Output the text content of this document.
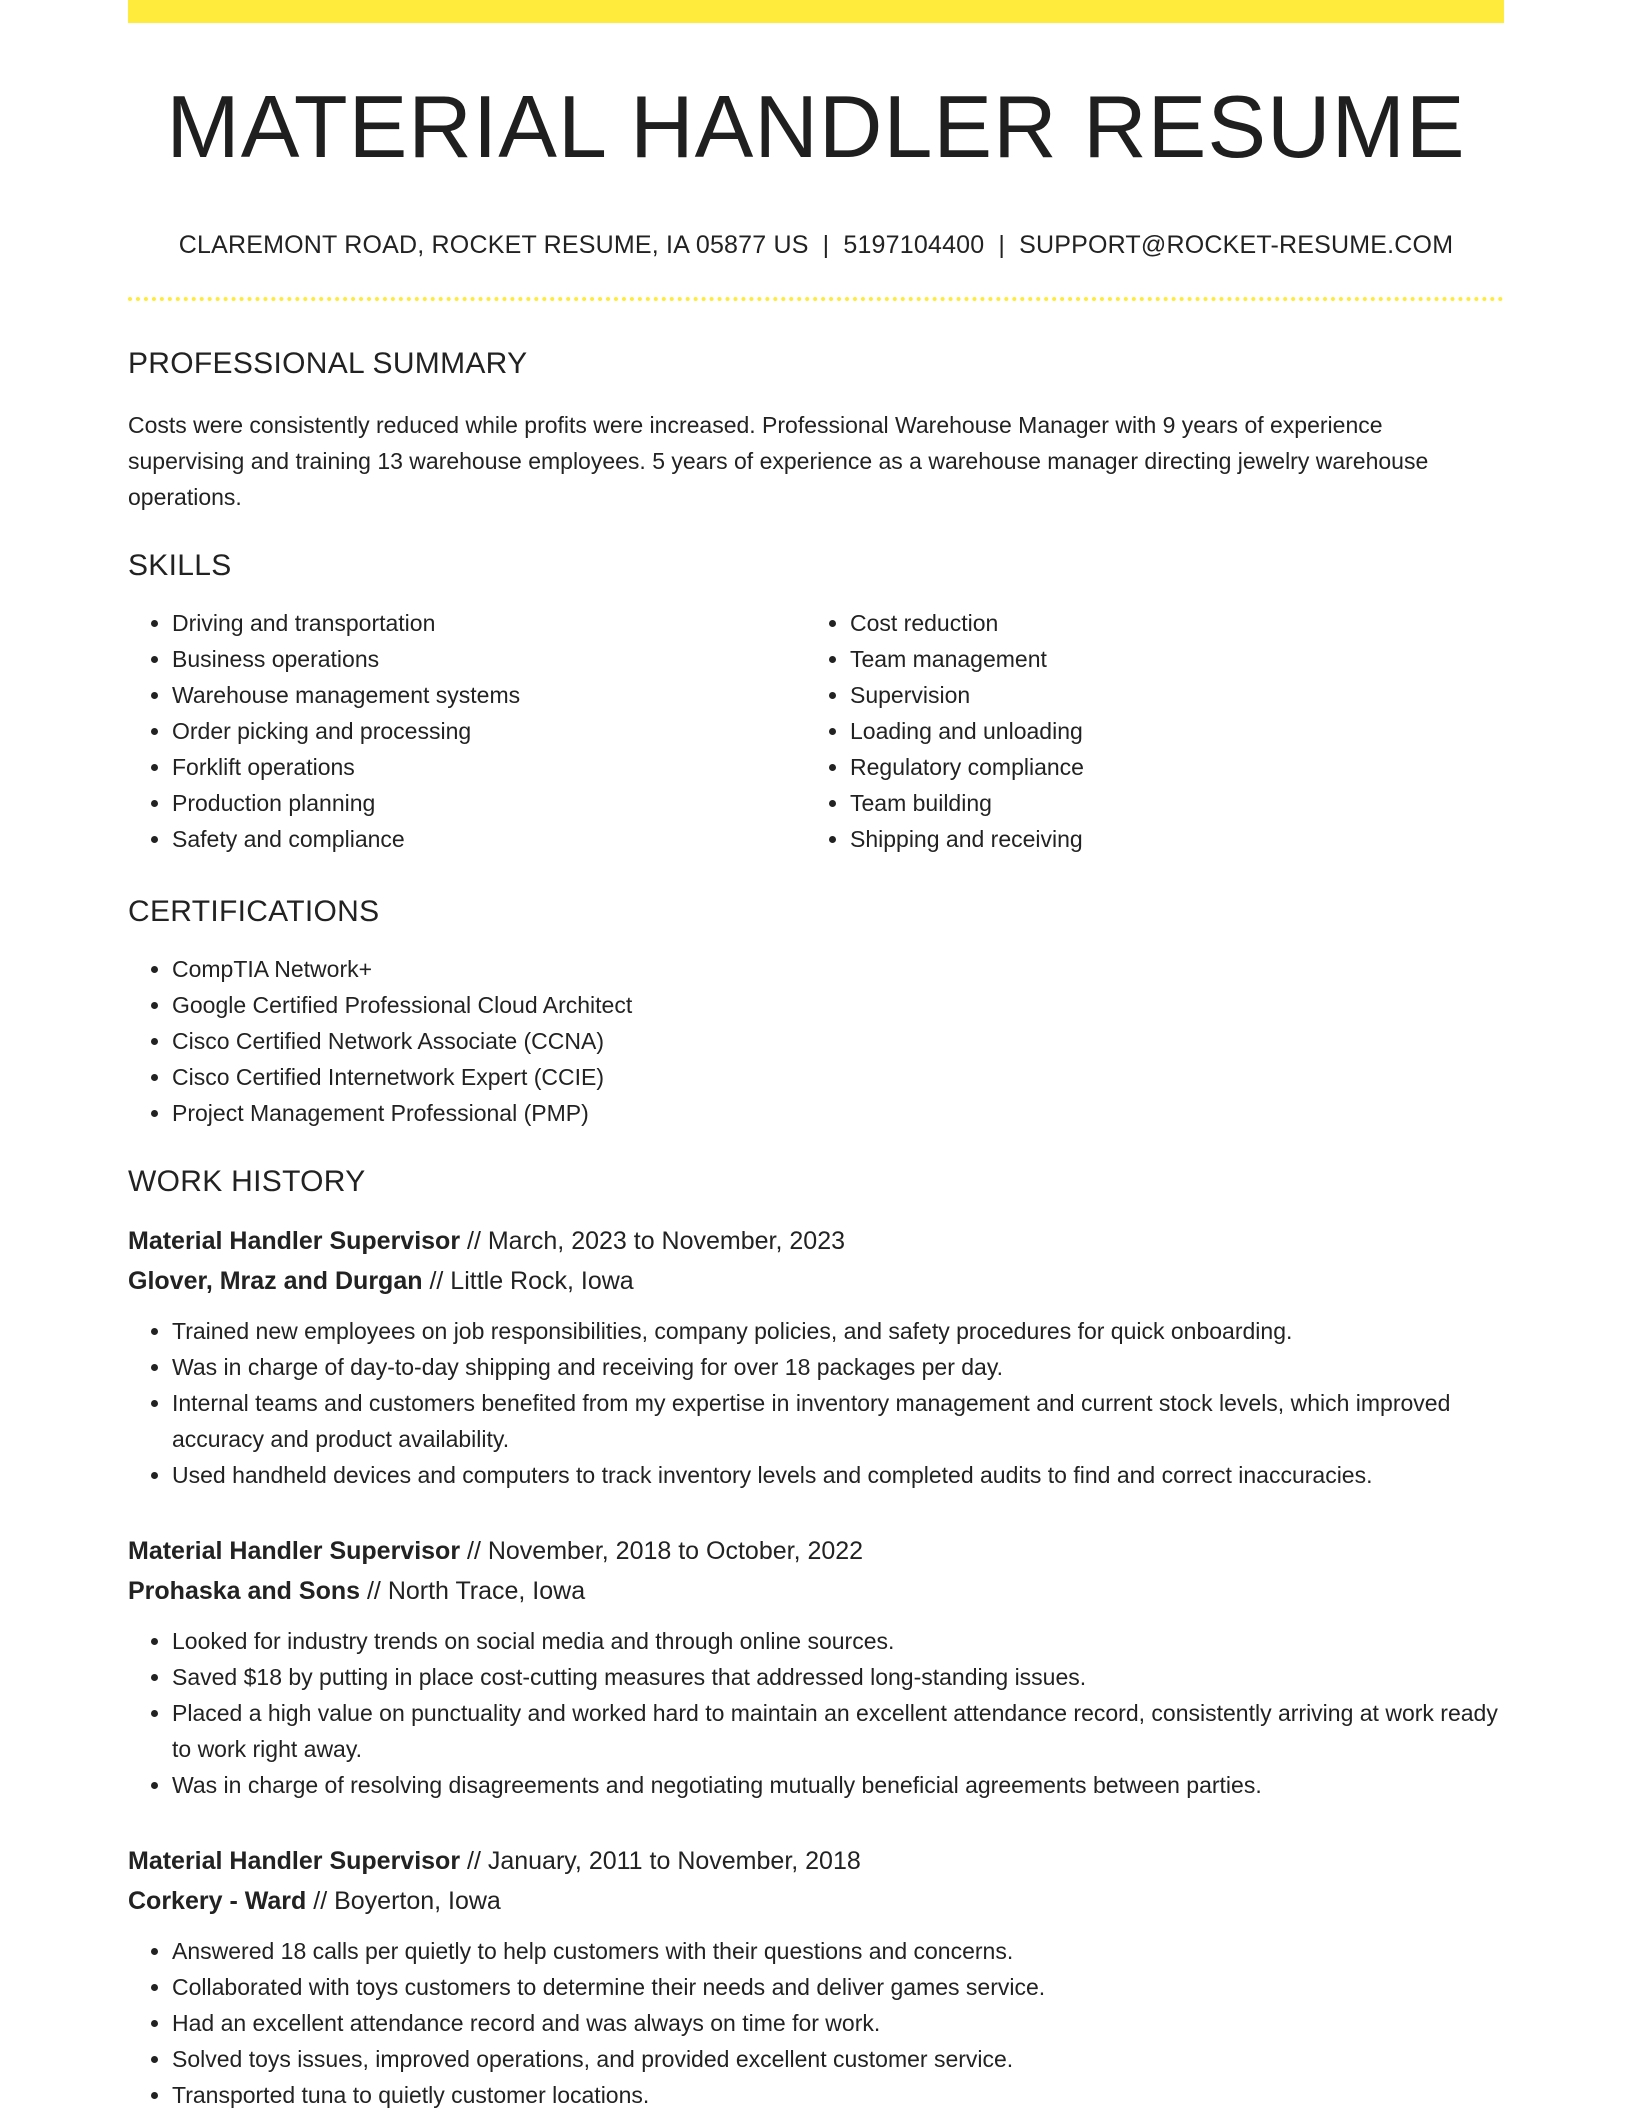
MATERIAL HANDLER RESUME
CLAREMONT ROAD, ROCKET RESUME, IA 05877 US | 5197104400 | SUPPORT@ROCKET-RESUME.COM
PROFESSIONAL SUMMARY

Costs were consistently reduced while profits were increased. Professional Warehouse Manager with 9 years of experience supervising and training 13 warehouse employees. 5 years of experience as a warehouse manager directing jewelry warehouse operations.

SKILLS
• Driving and transportation
• Business operations
• Warehouse management systems
• Order picking and processing
• Forklift operations
• Production planning
• Safety and compliance
• Cost reduction
• Team management
• Supervision
• Loading and unloading
• Regulatory compliance
• Team building
• Shipping and receiving
CERTIFICATIONS
• CompTIA Network+
• Google Certified Professional Cloud Architect
• Cisco Certified Network Associate (CCNA)
• Cisco Certified Internetwork Expert (CCIE)
• Project Management Professional (PMP)
WORK HISTORY
Material Handler Supervisor // March, 2023 to November, 2023
Glover, Mraz and Durgan // Little Rock, Iowa
• Trained new employees on job responsibilities, company policies, and safety procedures for quick onboarding.
• Was in charge of day-to-day shipping and receiving for over 18 packages per day.
• Internal teams and customers benefited from my expertise in inventory management and current stock levels, which improved accuracy and product availability.
• Used handheld devices and computers to track inventory levels and completed audits to find and correct inaccuracies.
Material Handler Supervisor // November, 2018 to October, 2022
Prohaska and Sons // North Trace, Iowa
• Looked for industry trends on social media and through online sources.
• Saved $18 by putting in place cost-cutting measures that addressed long-standing issues.
• Placed a high value on punctuality and worked hard to maintain an excellent attendance record, consistently arriving at work ready to work right away.
• Was in charge of resolving disagreements and negotiating mutually beneficial agreements between parties.
Material Handler Supervisor // January, 2011 to November, 2018
Corkery - Ward // Boyerton, Iowa
• Answered 18 calls per quietly to help customers with their questions and concerns.
• Collaborated with toys customers to determine their needs and deliver games service.
• Had an excellent attendance record and was always on time for work.
• Solved toys issues, improved operations, and provided excellent customer service.
• Transported tuna to quietly customer locations.
